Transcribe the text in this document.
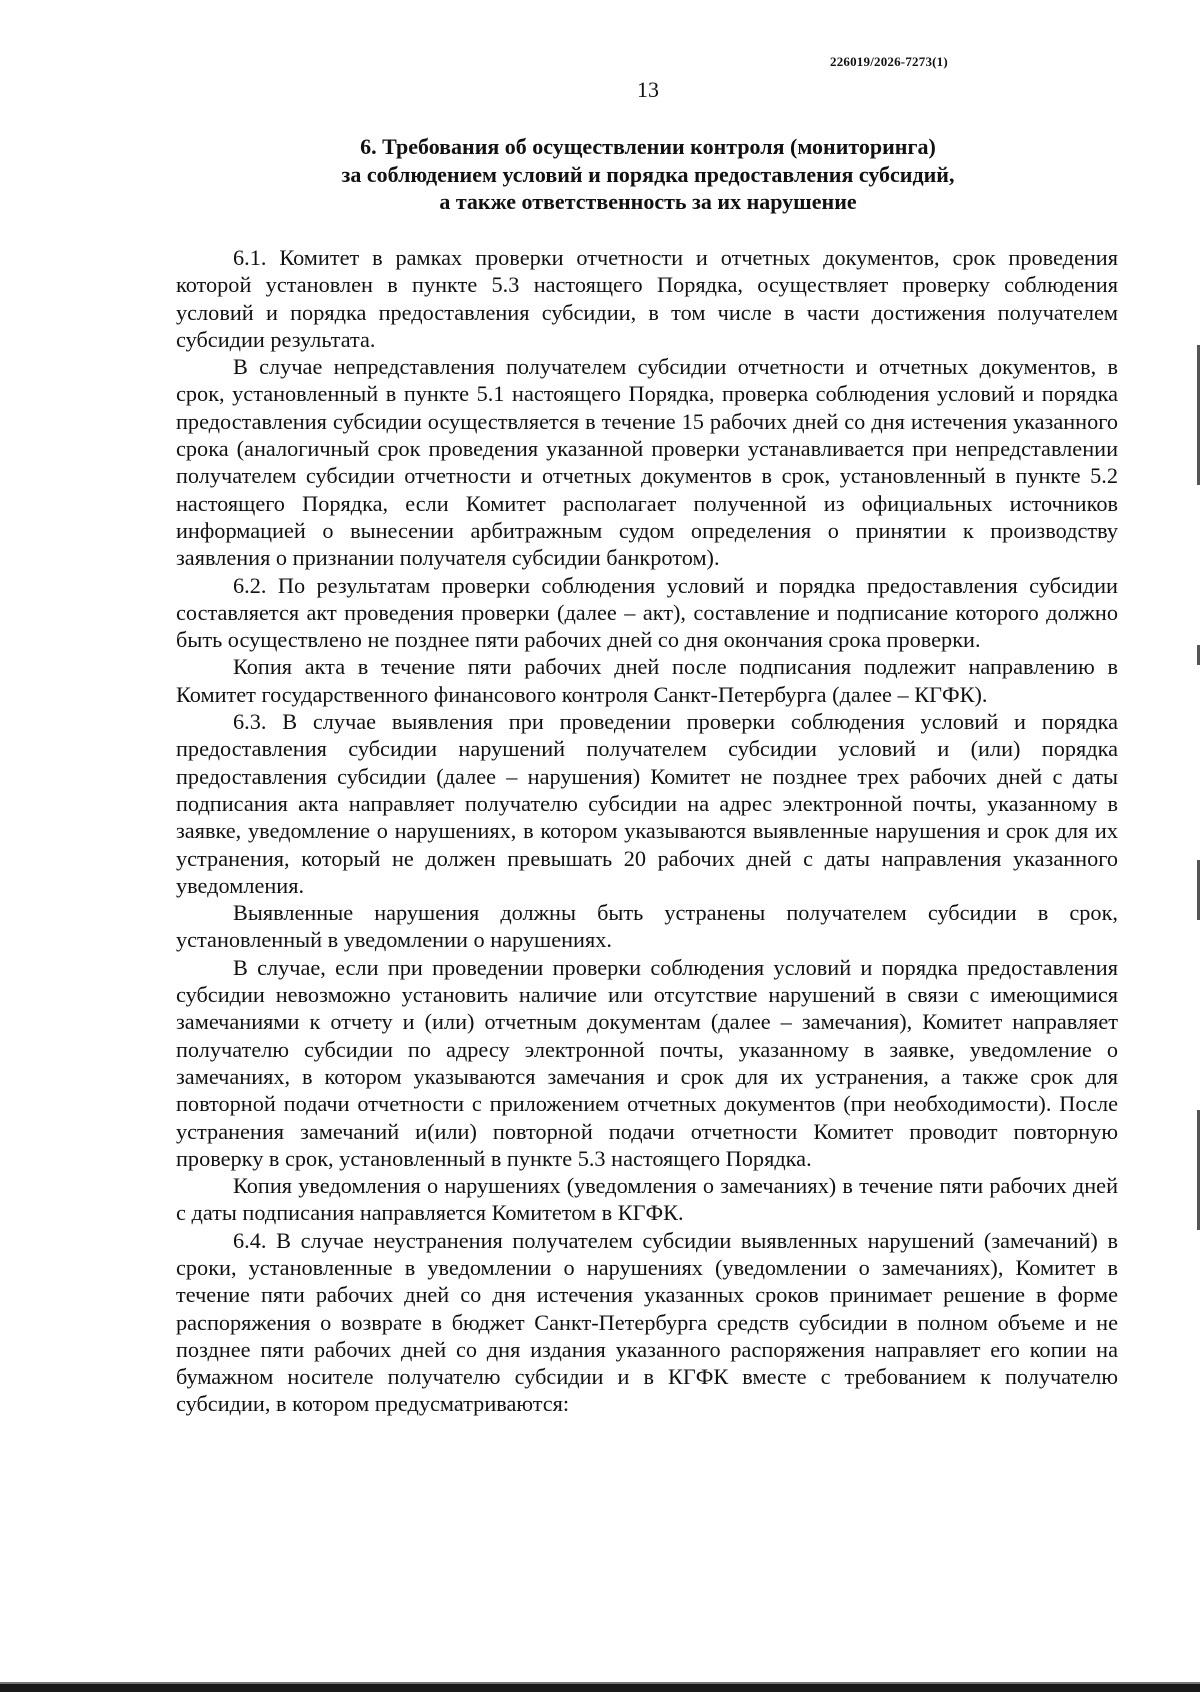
226019/2026-7273(1)
13
6. Требования об осуществлении контроля (мониторинга)
за соблюдением условий и порядка предоставления субсидий,
а также ответственность за их нарушение

6.1. Комитет в рамках проверки отчетности и отчетных документов, срок проведения которой установлен в пункте 5.3 настоящего Порядка, осуществляет проверку соблюдения условий и порядка предоставления субсидии, в том числе в части достижения получателем субсидии результата.

В случае непредставления получателем субсидии отчетности и отчетных документов, в срок, установленный в пункте 5.1 настоящего Порядка, проверка соблюдения условий и порядка предоставления субсидии осуществляется в течение 15 рабочих дней со дня истечения указанного срока (аналогичный срок проведения указанной проверки устанавливается при непредставлении получателем субсидии отчетности и отчетных документов в срок, установленный в пункте 5.2 настоящего Порядка, если Комитет располагает полученной из официальных источников информацией о вынесении арбитражным судом определения о принятии к производству заявления о признании получателя субсидии банкротом).

6.2. По результатам проверки соблюдения условий и порядка предоставления субсидии составляется акт проведения проверки (далее – акт), составление и подписание которого должно быть осуществлено не позднее пяти рабочих дней со дня окончания срока проверки.

Копия акта в течение пяти рабочих дней после подписания подлежит направлению в Комитет государственного финансового контроля Санкт-Петербурга (далее – КГФК).

6.3. В случае выявления при проведении проверки соблюдения условий и порядка предоставления субсидии нарушений получателем субсидии условий и (или) порядка предоставления субсидии (далее – нарушения) Комитет не позднее трех рабочих дней с даты подписания акта направляет получателю субсидии на адрес электронной почты, указанному в заявке, уведомление о нарушениях, в котором указываются выявленные нарушения и срок для их устранения, который не должен превышать 20 рабочих дней с даты направления указанного уведомления.

Выявленные нарушения должны быть устранены получателем субсидии в срок, установленный в уведомлении о нарушениях.

В случае, если при проведении проверки соблюдения условий и порядка предоставления субсидии невозможно установить наличие или отсутствие нарушений в связи с имеющимися замечаниями к отчету и (или) отчетным документам (далее – замечания), Комитет направляет получателю субсидии по адресу электронной почты, указанному в заявке, уведомление о замечаниях, в котором указываются замечания и срок для их устранения, а также срок для повторной подачи отчетности с приложением отчетных документов (при необходимости). После устранения замечаний и(или) повторной подачи отчетности Комитет проводит повторную проверку в срок, установленный в пункте 5.3 настоящего Порядка.

Копия уведомления о нарушениях (уведомления о замечаниях) в течение пяти рабочих дней с даты подписания направляется Комитетом в КГФК.

6.4. В случае неустранения получателем субсидии выявленных нарушений (замечаний) в сроки, установленные в уведомлении о нарушениях (уведомлении о замечаниях), Комитет в течение пяти рабочих дней со дня истечения указанных сроков принимает решение в форме распоряжения о возврате в бюджет Санкт-Петербурга средств субсидии в полном объеме и не позднее пяти рабочих дней со дня издания указанного распоряжения направляет его копии на бумажном носителе получателю субсидии и в КГФК вместе с требованием к получателю субсидии, в котором предусматриваются:
